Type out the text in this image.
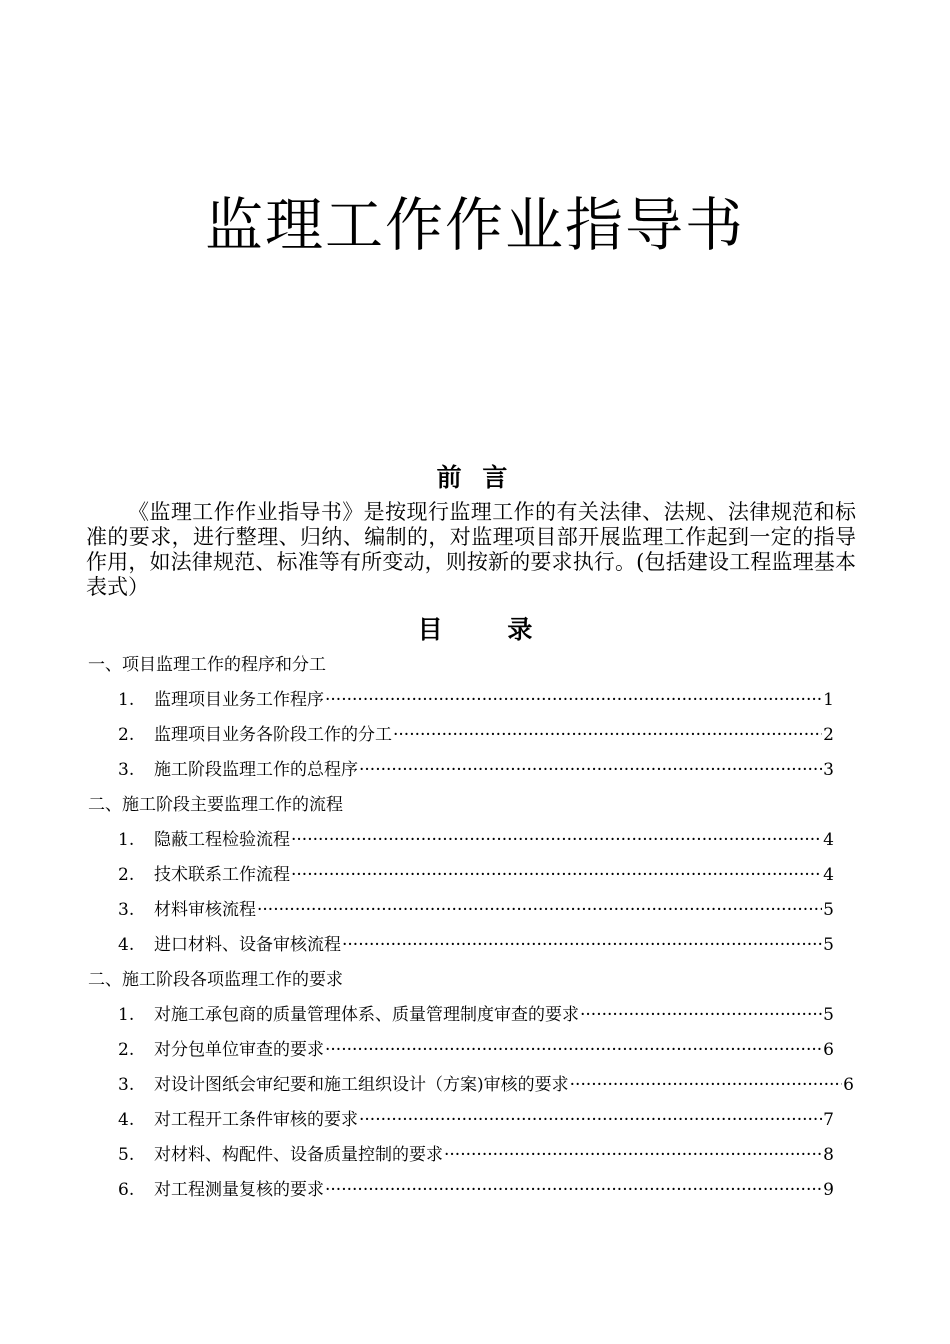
监理工作作业指导书
前 言

《监理工作作业指导书》是按现行监理工作的有关法律、法规、法律规范和标准的要求，进行整理、归纳、编制的，对监理项目部开展监理工作起到一定的指导作用，如法律规范、标准等有所变动，则按新的要求执行。(包括建设工程监理基本表式）

目 录
一、项目监理工作的程序和分工
1.	监理项目业务工作程序 ·····	1
2.	监理项目业务各阶段工作的分工 ·····	2
3.	施工阶段监理工作的总程序 ·····	3
二、施工阶段主要监理工作的流程
1.	隐蔽工程检验流程 ·····	4
2.	技术联系工作流程 ·····	4
3.	材料审核流程 ·····	5
4.	进口材料、设备审核流程 ·····	5
二、施工阶段各项监理工作的要求
1.	对施工承包商的质量管理体系、质量管理制度审查的要求 ·····	5
2.	对分包单位审查的要求 ·····	6
3.	对设计图纸会审纪要和施工组织设计（方案)审核的要求 ·····	6
4.	对工程开工条件审核的要求 ·····	7
5.	对材料、构配件、设备质量控制的要求 ·····	8
6.	对工程测量复核的要求 ·····	9
